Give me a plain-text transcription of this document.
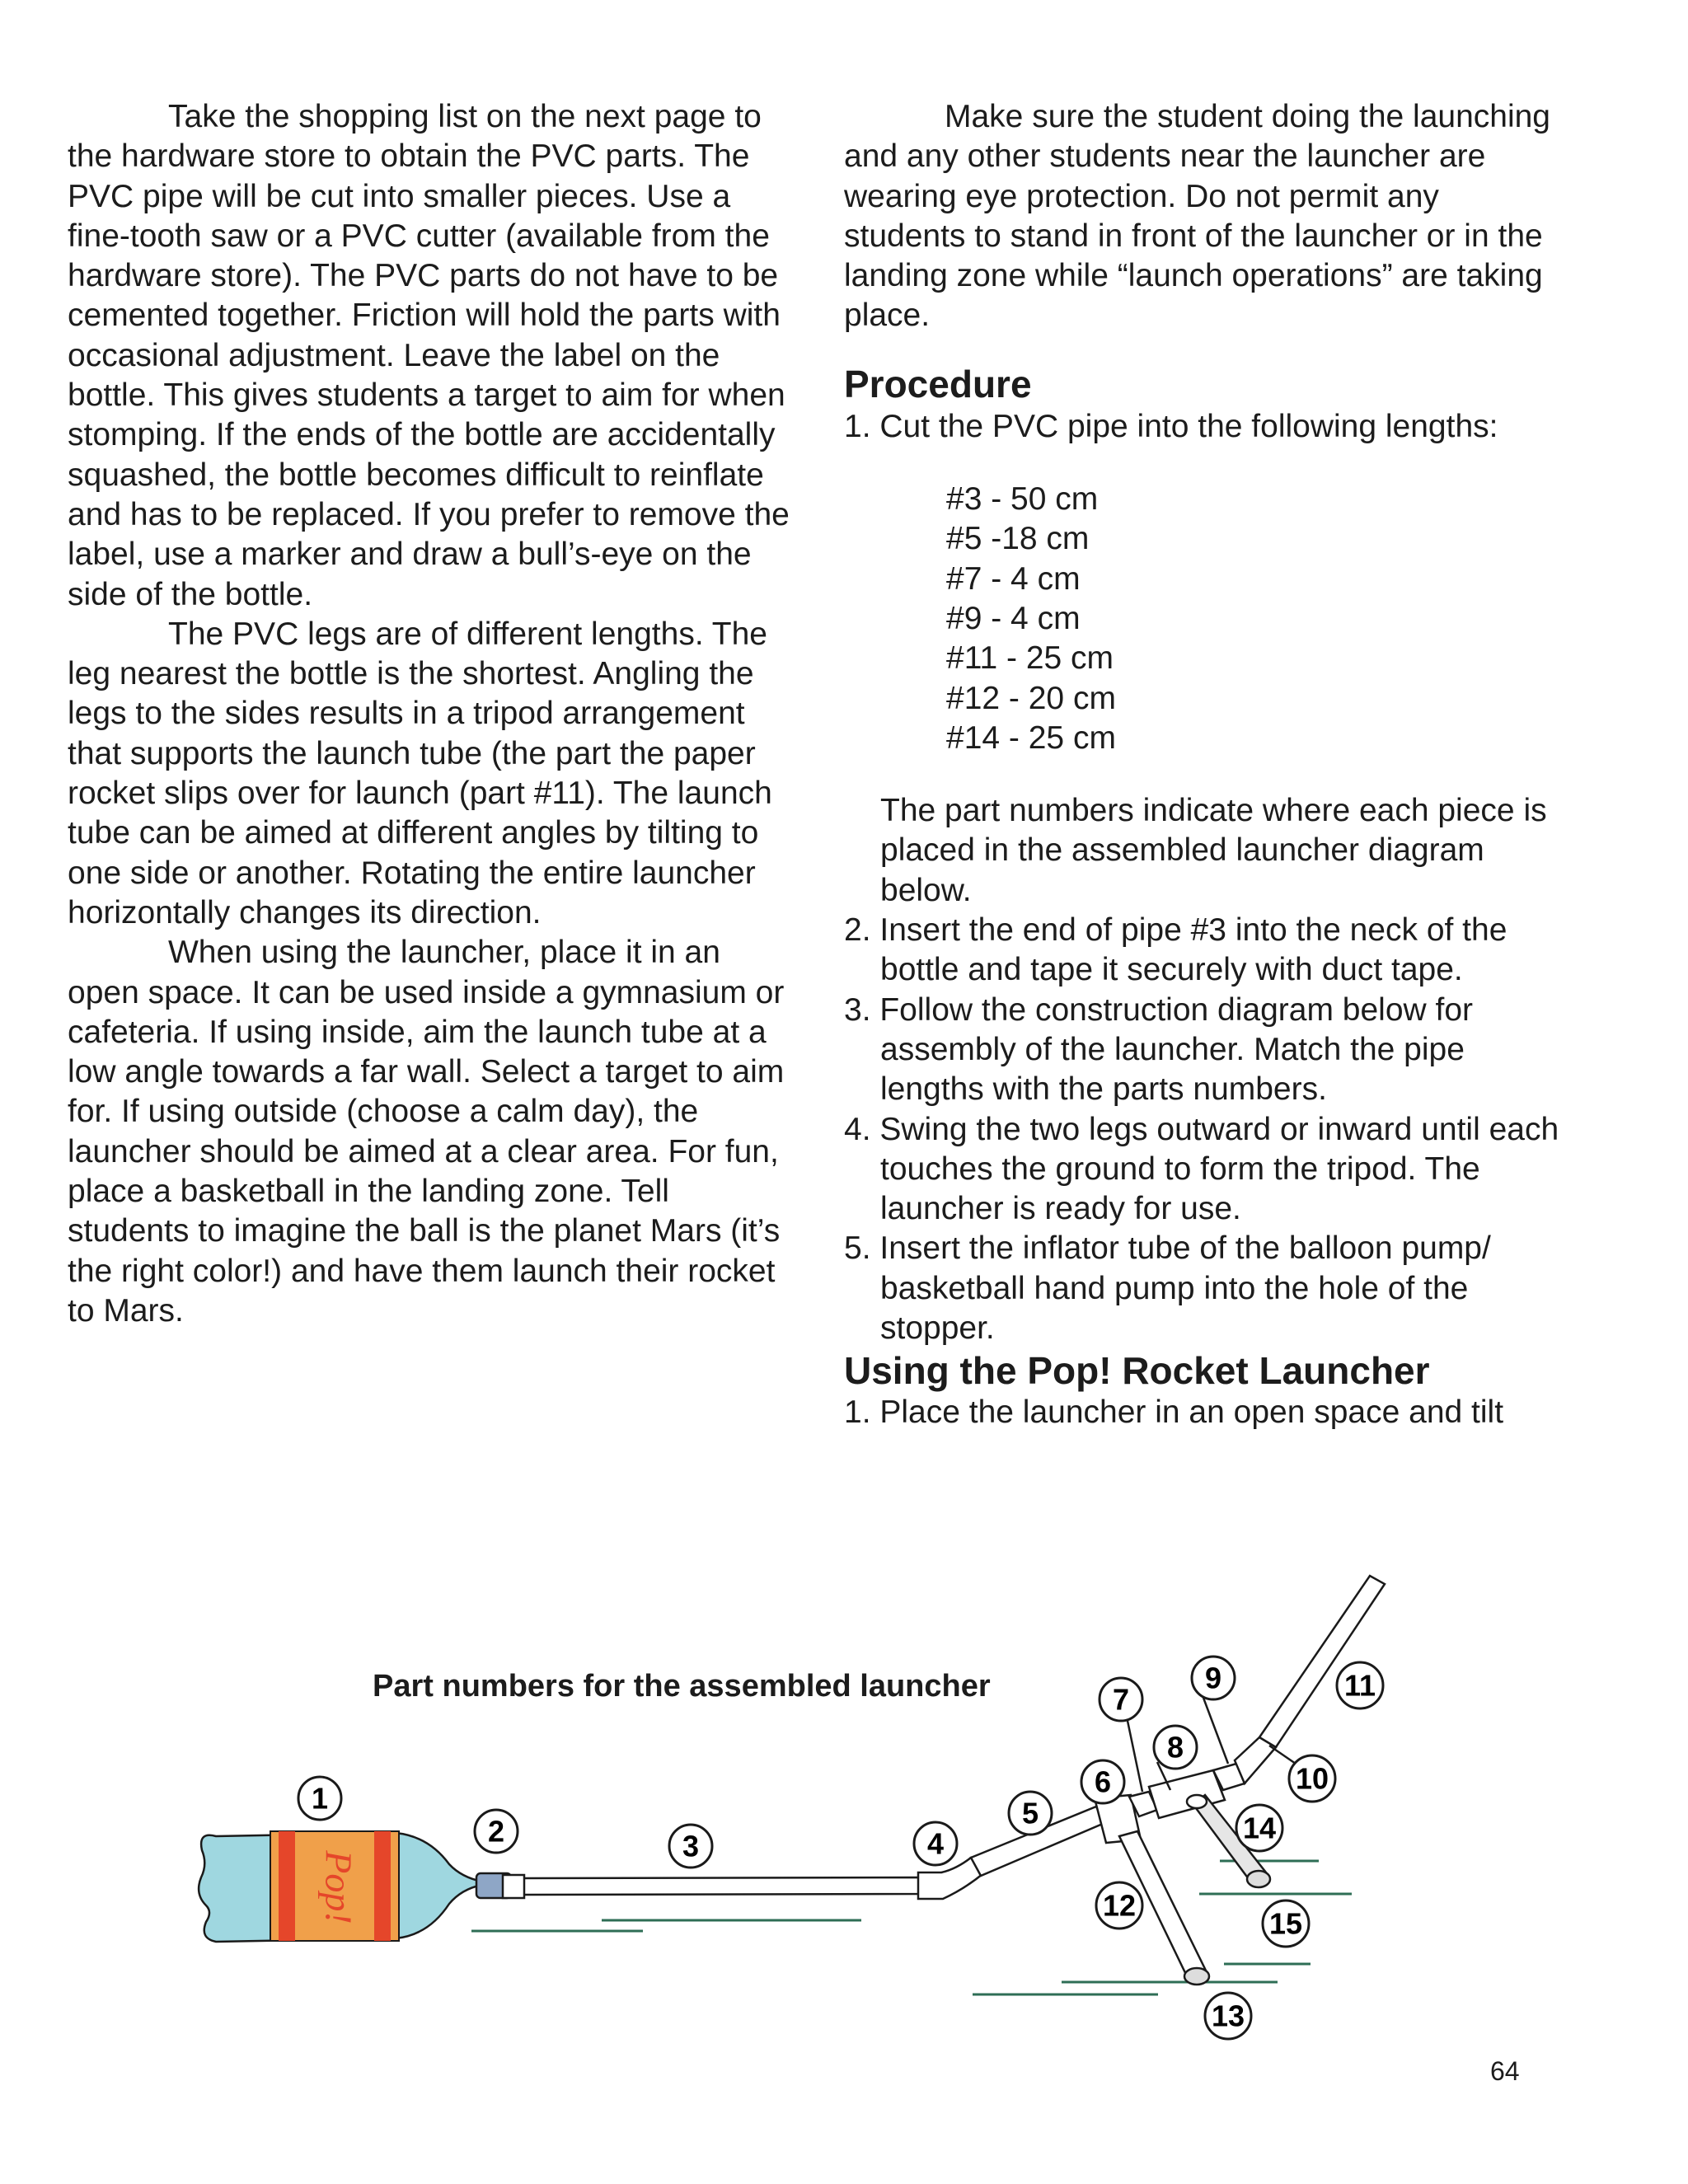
Take the shopping list on the next page to the hardware store to obtain the PVC parts. The PVC pipe will be cut into smaller pieces. Use a fine-tooth saw or a PVC cutter (available from the hardware store). The PVC parts do not have to be cemented together. Friction will hold the parts with occasional adjustment. Leave the label on the bottle. This gives students a target to aim for when stomping. If the ends of the bottle are accidentally squashed, the bottle becomes difficult to reinflate and has to be replaced. If you prefer to remove the label, use a marker and draw a bull’s-eye on the side of the bottle.

The PVC legs are of different lengths. The leg nearest the bottle is the shortest. Angling the legs to the sides results in a tripod arrangement that supports the launch tube (the part the paper rocket slips over for launch (part #11). The launch tube can be aimed at different angles by tilting to one side or another. Rotating the entire launcher horizontally changes its direction.

When using the launcher, place it in an open space. It can be used inside a gymnasium or cafeteria. If using inside, aim the launch tube at a low angle towards a far wall. Select a target to aim for. If using outside (choose a calm day), the launcher should be aimed at a clear area. For fun, place a basketball in the landing zone. Tell students to imagine the ball is the planet Mars (it’s the right color!) and have them launch their rocket to Mars.

Make sure the student doing the launching and any other students near the launcher are wearing eye protection. Do not permit any students to stand in front of the launcher or in the landing zone while “launch operations” are taking place.

Procedure

1. Cut the PVC pipe into the following lengths:

#3 - 50 cm
#5 -18 cm
#7 - 4 cm
#9 - 4 cm
#11 - 25 cm
#12 - 20 cm
#14 - 25 cm

The part numbers indicate where each piece is placed in the assembled launcher diagram below.

2. Insert the end of pipe #3 into the neck of the bottle and tape it securely with duct tape.

3. Follow the construction diagram below for assembly of the launcher. Match the pipe lengths with the parts numbers.

4. Swing the two legs outward or inward until each touches the ground to form the tripod. The launcher is ready for use.

5. Insert the inflator tube of the balloon pump/ basketball hand pump into the hole of the stopper.

Using the Pop! Rocket Launcher

1. Place the launcher in an open space and tilt

Part numbers for the assembled launcher
Pop!
1
2	3	4
5
6
7
8
9
10
11
12
13
14
15
64
